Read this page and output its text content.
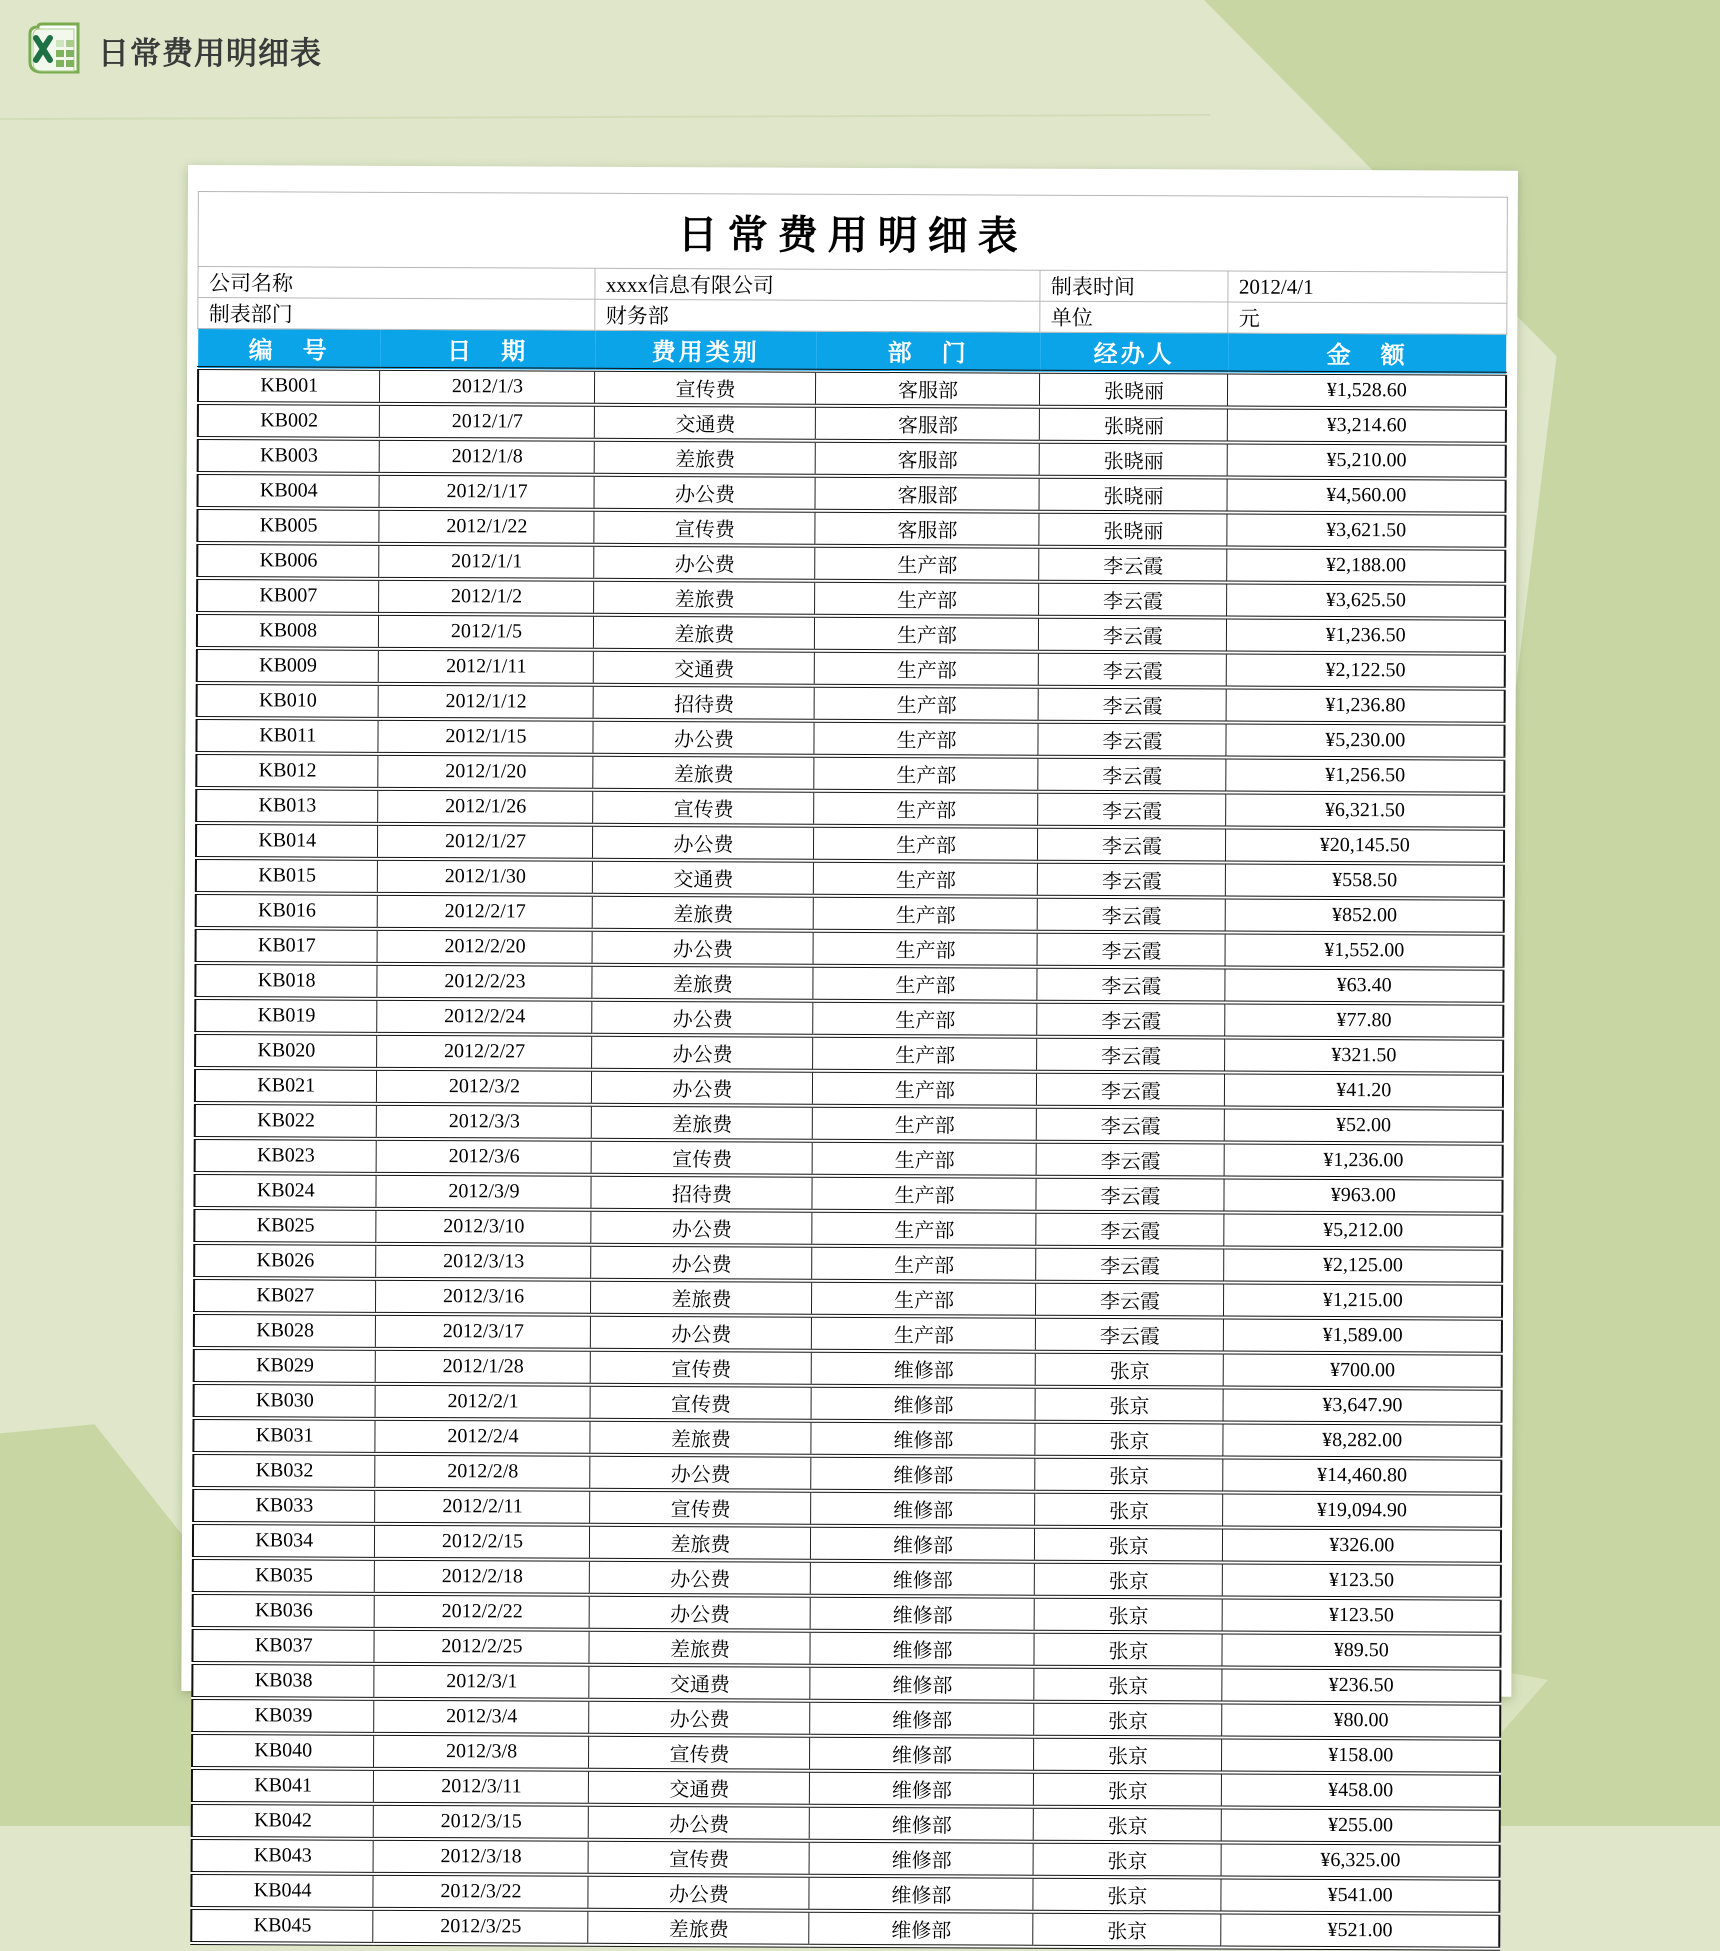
日常费用明细表
日常费用明细表					
公司名称		xxxx信息有限公司		制表时间	2012/4/1
制表部门		财务部		单位	元
编　号	日　期	费用类别	部　门	经办人	金　额
KB001	2012/1/3	宣传费	客服部	张晓丽	¥1,528.60
KB002	2012/1/7	交通费	客服部	张晓丽	¥3,214.60
KB003	2012/1/8	差旅费	客服部	张晓丽	¥5,210.00
KB004	2012/1/17	办公费	客服部	张晓丽	¥4,560.00
KB005	2012/1/22	宣传费	客服部	张晓丽	¥3,621.50
KB006	2012/1/1	办公费	生产部	李云霞	¥2,188.00
KB007	2012/1/2	差旅费	生产部	李云霞	¥3,625.50
KB008	2012/1/5	差旅费	生产部	李云霞	¥1,236.50
KB009	2012/1/11	交通费	生产部	李云霞	¥2,122.50
KB010	2012/1/12	招待费	生产部	李云霞	¥1,236.80
KB011	2012/1/15	办公费	生产部	李云霞	¥5,230.00
KB012	2012/1/20	差旅费	生产部	李云霞	¥1,256.50
KB013	2012/1/26	宣传费	生产部	李云霞	¥6,321.50
KB014	2012/1/27	办公费	生产部	李云霞	¥20,145.50
KB015	2012/1/30	交通费	生产部	李云霞	¥558.50
KB016	2012/2/17	差旅费	生产部	李云霞	¥852.00
KB017	2012/2/20	办公费	生产部	李云霞	¥1,552.00
KB018	2012/2/23	差旅费	生产部	李云霞	¥63.40
KB019	2012/2/24	办公费	生产部	李云霞	¥77.80
KB020	2012/2/27	办公费	生产部	李云霞	¥321.50
KB021	2012/3/2	办公费	生产部	李云霞	¥41.20
KB022	2012/3/3	差旅费	生产部	李云霞	¥52.00
KB023	2012/3/6	宣传费	生产部	李云霞	¥1,236.00
KB024	2012/3/9	招待费	生产部	李云霞	¥963.00
KB025	2012/3/10	办公费	生产部	李云霞	¥5,212.00
KB026	2012/3/13	办公费	生产部	李云霞	¥2,125.00
KB027	2012/3/16	差旅费	生产部	李云霞	¥1,215.00
KB028	2012/3/17	办公费	生产部	李云霞	¥1,589.00
KB029	2012/1/28	宣传费	维修部	张京	¥700.00
KB030	2012/2/1	宣传费	维修部	张京	¥3,647.90
KB031	2012/2/4	差旅费	维修部	张京	¥8,282.00
KB032	2012/2/8	办公费	维修部	张京	¥14,460.80
KB033	2012/2/11	宣传费	维修部	张京	¥19,094.90
KB034	2012/2/15	差旅费	维修部	张京	¥326.00
KB035	2012/2/18	办公费	维修部	张京	¥123.50
KB036	2012/2/22	办公费	维修部	张京	¥123.50
KB037	2012/2/25	差旅费	维修部	张京	¥89.50
KB038	2012/3/1	交通费	维修部	张京	¥236.50
KB039	2012/3/4	办公费	维修部	张京	¥80.00
KB040	2012/3/8	宣传费	维修部	张京	¥158.00
KB041	2012/3/11	交通费	维修部	张京	¥458.00
KB042	2012/3/15	办公费	维修部	张京	¥255.00
KB043	2012/3/18	宣传费	维修部	张京	¥6,325.00
KB044	2012/3/22	办公费	维修部	张京	¥541.00
KB045	2012/3/25	差旅费	维修部	张京	¥521.00
